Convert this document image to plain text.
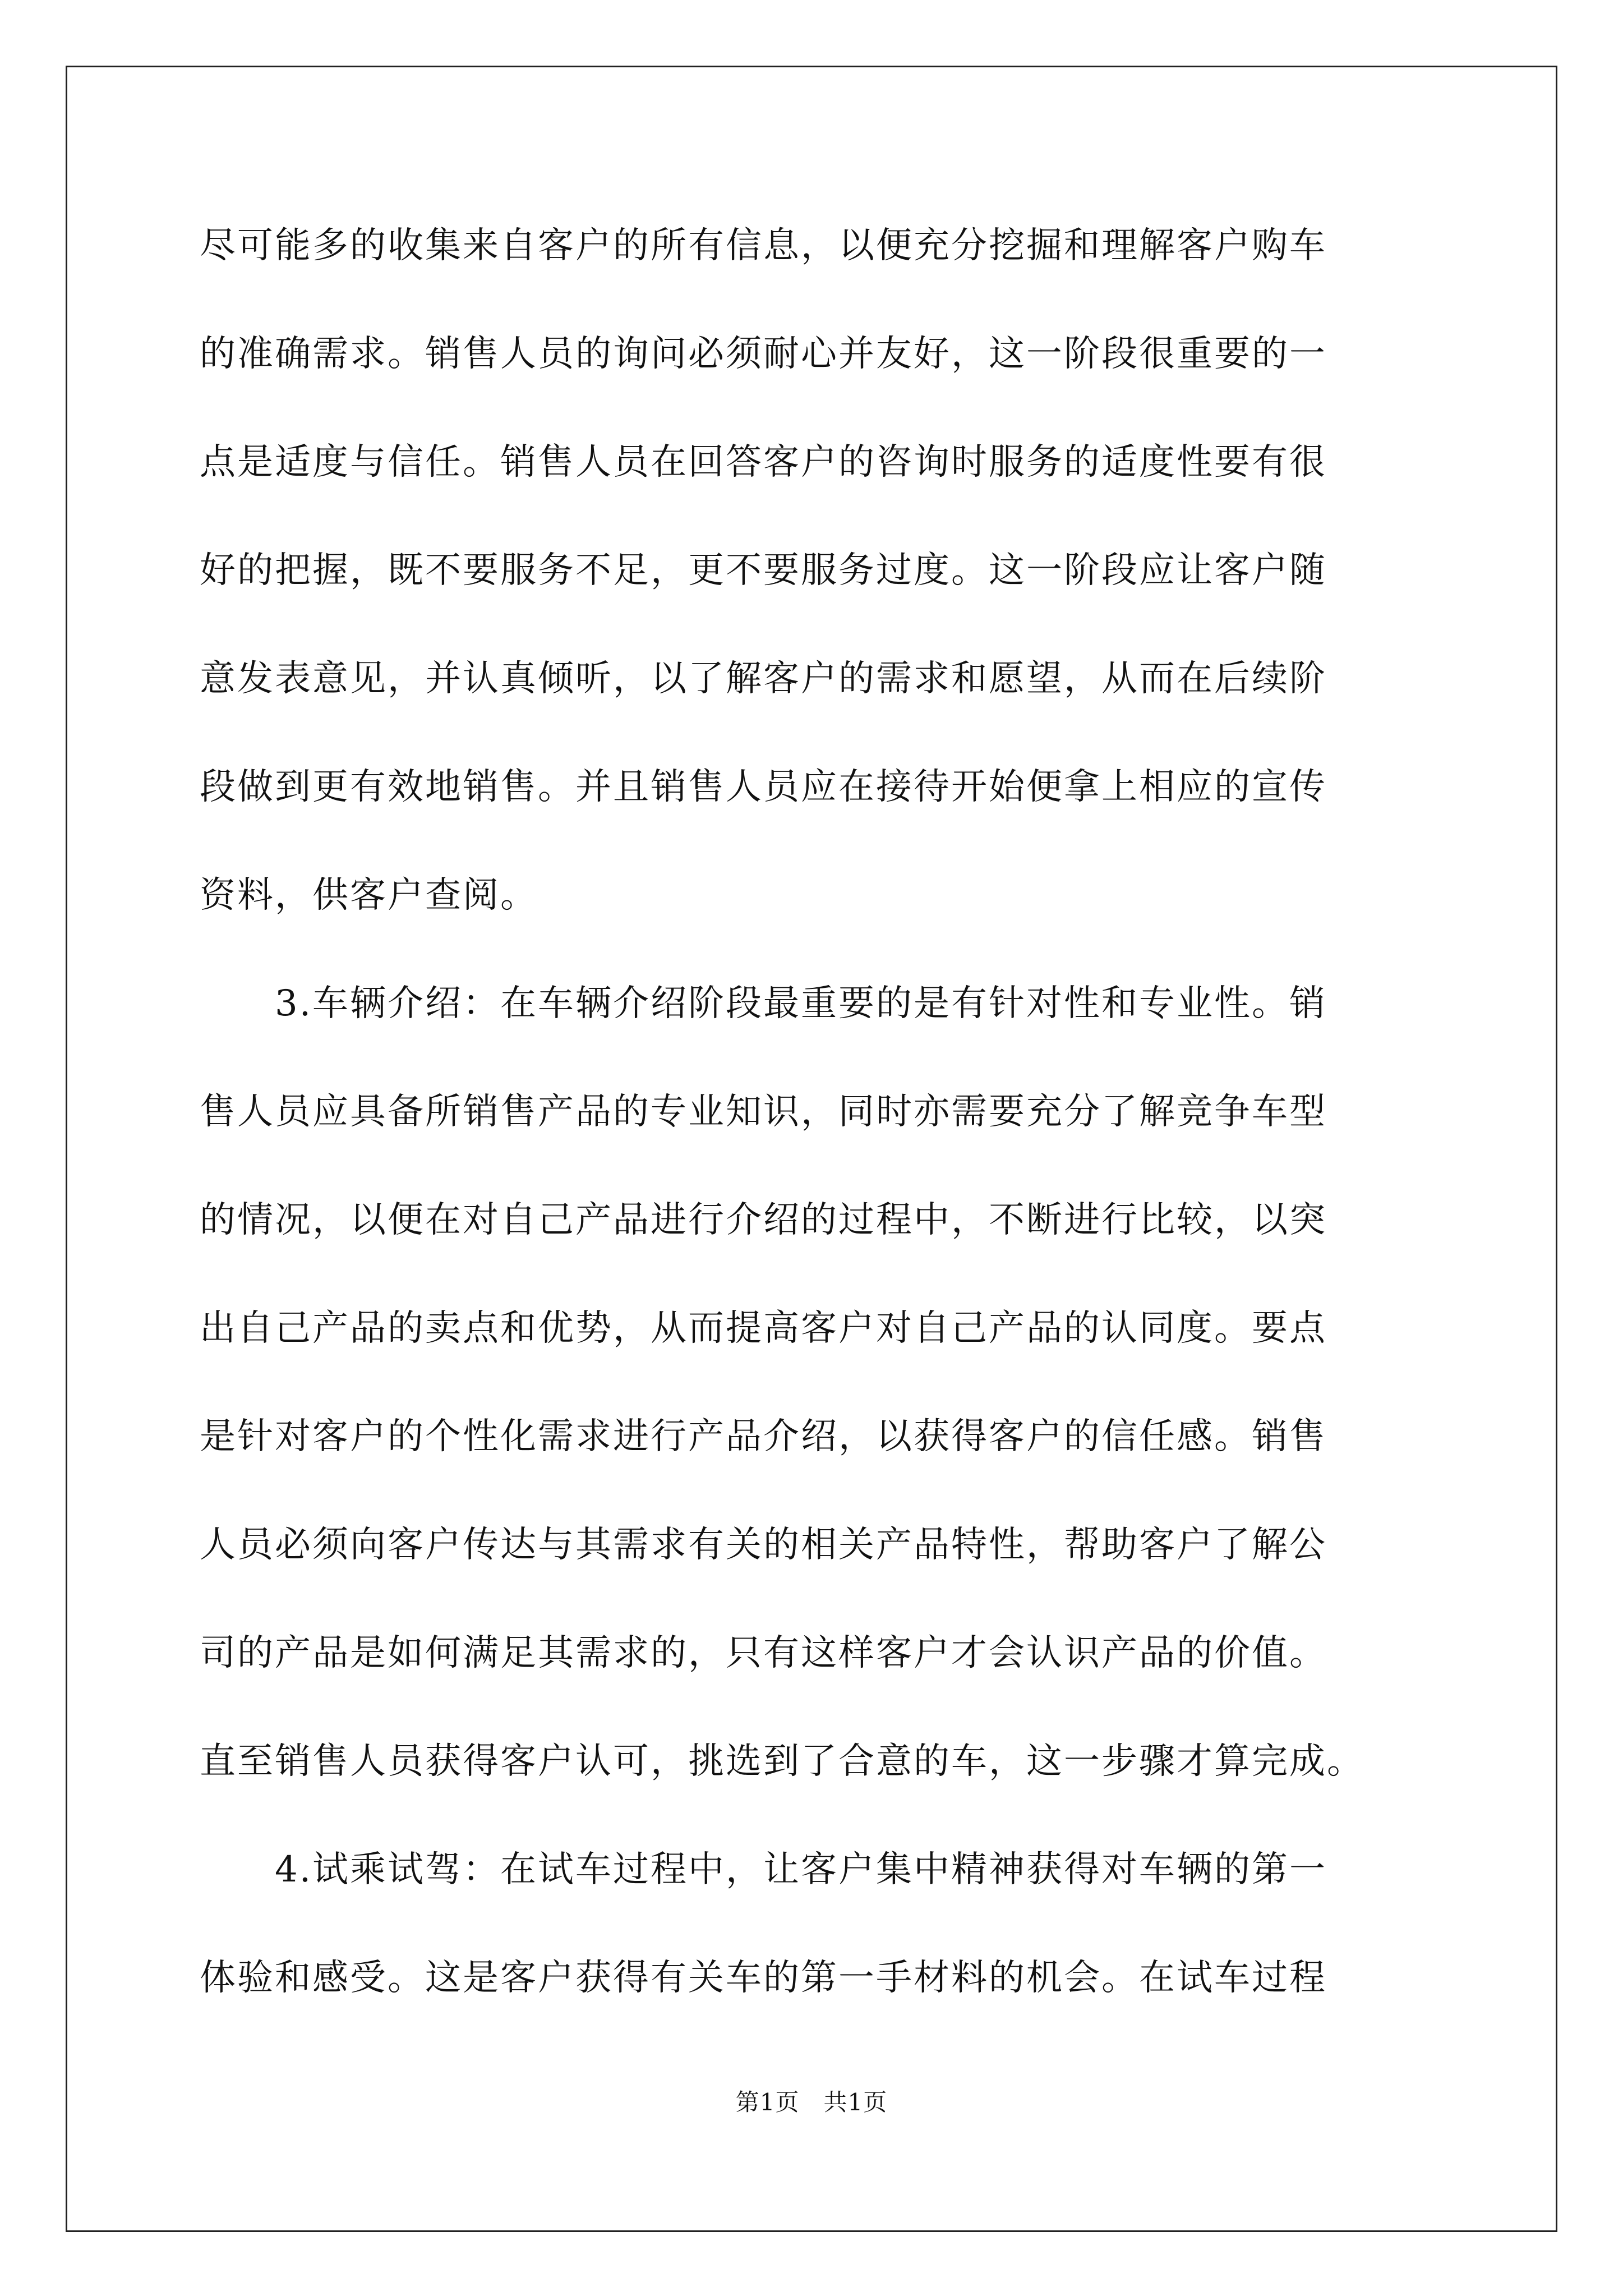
尽可能多的收集来自客户的所有信息，以便充分挖掘和理解客户购车
的准确需求。销售人员的询问必须耐心并友好，这一阶段很重要的一
点是适度与信任。销售人员在回答客户的咨询时服务的适度性要有很
好的把握，既不要服务不足，更不要服务过度。这一阶段应让客户随
意发表意见，并认真倾听，以了解客户的需求和愿望，从而在后续阶
段做到更有效地销售。并且销售人员应在接待开始便拿上相应的宣传
资料，供客户查阅。
　　3.车辆介绍：在车辆介绍阶段最重要的是有针对性和专业性。销
售人员应具备所销售产品的专业知识，同时亦需要充分了解竞争车型
的情况，以便在对自己产品进行介绍的过程中，不断进行比较，以突
出自己产品的卖点和优势，从而提高客户对自己产品的认同度。要点
是针对客户的个性化需求进行产品介绍，以获得客户的信任感。销售
人员必须向客户传达与其需求有关的相关产品特性，帮助客户了解公
司的产品是如何满足其需求的，只有这样客户才会认识产品的价值。
直至销售人员获得客户认可，挑选到了合意的车，这一步骤才算完成。
　　4.试乘试驾：在试车过程中，让客户集中精神获得对车辆的第一
体验和感受。这是客户获得有关车的第一手材料的机会。在试车过程
第1页　共1页
